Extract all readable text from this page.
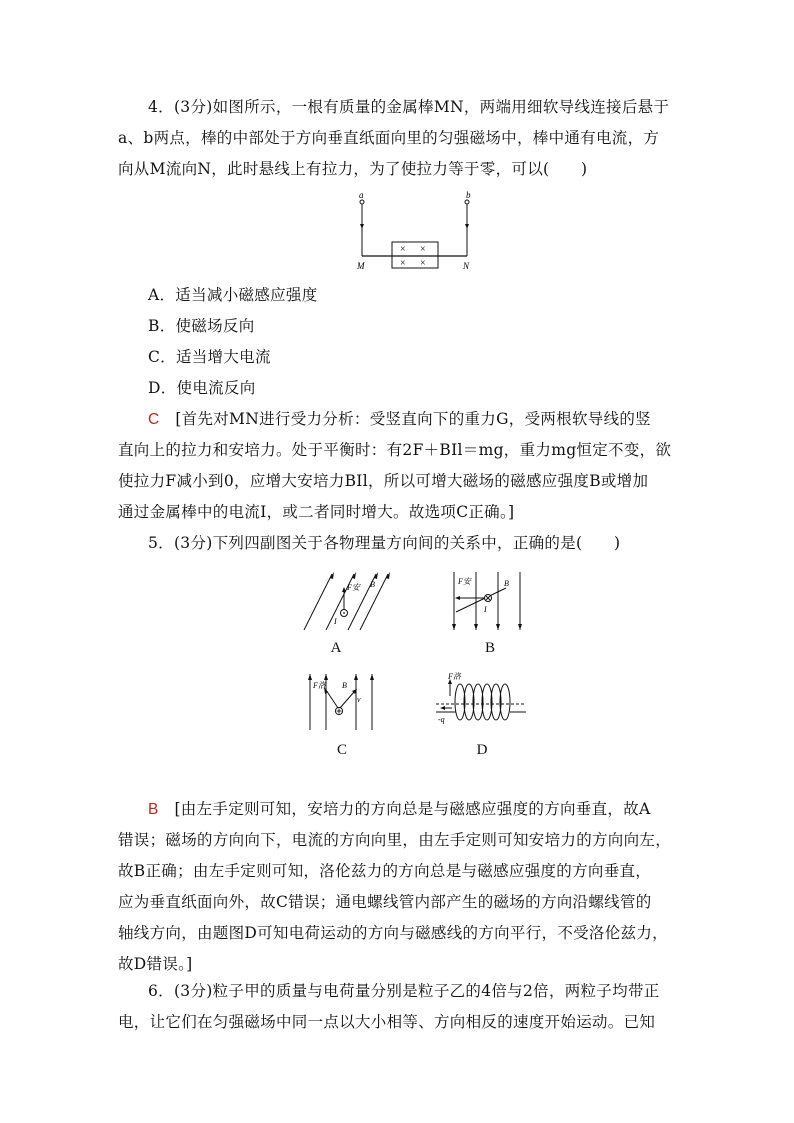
4．(3分)如图所示，一根有质量的金属棒MN，两端用细软导线连接后悬于
a、b两点，棒的中部处于方向垂直纸面向里的匀强磁场中，棒中通有电流，方
向从M流向N，此时悬线上有拉力，为了使拉力等于零，可以(　　)
a	b
× ×
× ×
M	N
A．适当减小磁感应强度
B．使磁场反向
C．适当增大电流
D．使电流反向
C　 [首先对MN进行受力分析：受竖直向下的重力G，受两根软导线的竖
直向上的拉力和安培力。处于平衡时：有2F＋BIl＝mg，重力mg恒定不变，欲
使拉力F减小到0，应增大安培力BIl，所以可增大磁场的磁感应强度B或增加
通过金属棒中的电流I，或二者同时增大。故选项C正确。]
5．(3分)下列四副图关于各物理量方向间的关系中，正确的是(　　)
F安 B
I
A
F安	B
I
B
F洛 B
v
C
F洛
-q
D
B　 [由左手定则可知，安培力的方向总是与磁感应强度的方向垂直，故A
错误；磁场的方向向下，电流的方向向里，由左手定则可知安培力的方向向左，
故B正确；由左手定则可知，洛伦兹力的方向总是与磁感应强度的方向垂直，
应为垂直纸面向外，故C错误；通电螺线管内部产生的磁场的方向沿螺线管的
轴线方向，由题图D可知电荷运动的方向与磁感线的方向平行，不受洛伦兹力，
故D错误。]
6．(3分)粒子甲的质量与电荷量分别是粒子乙的4倍与2倍，两粒子均带正
电，让它们在匀强磁场中同一点以大小相等、方向相反的速度开始运动。已知
